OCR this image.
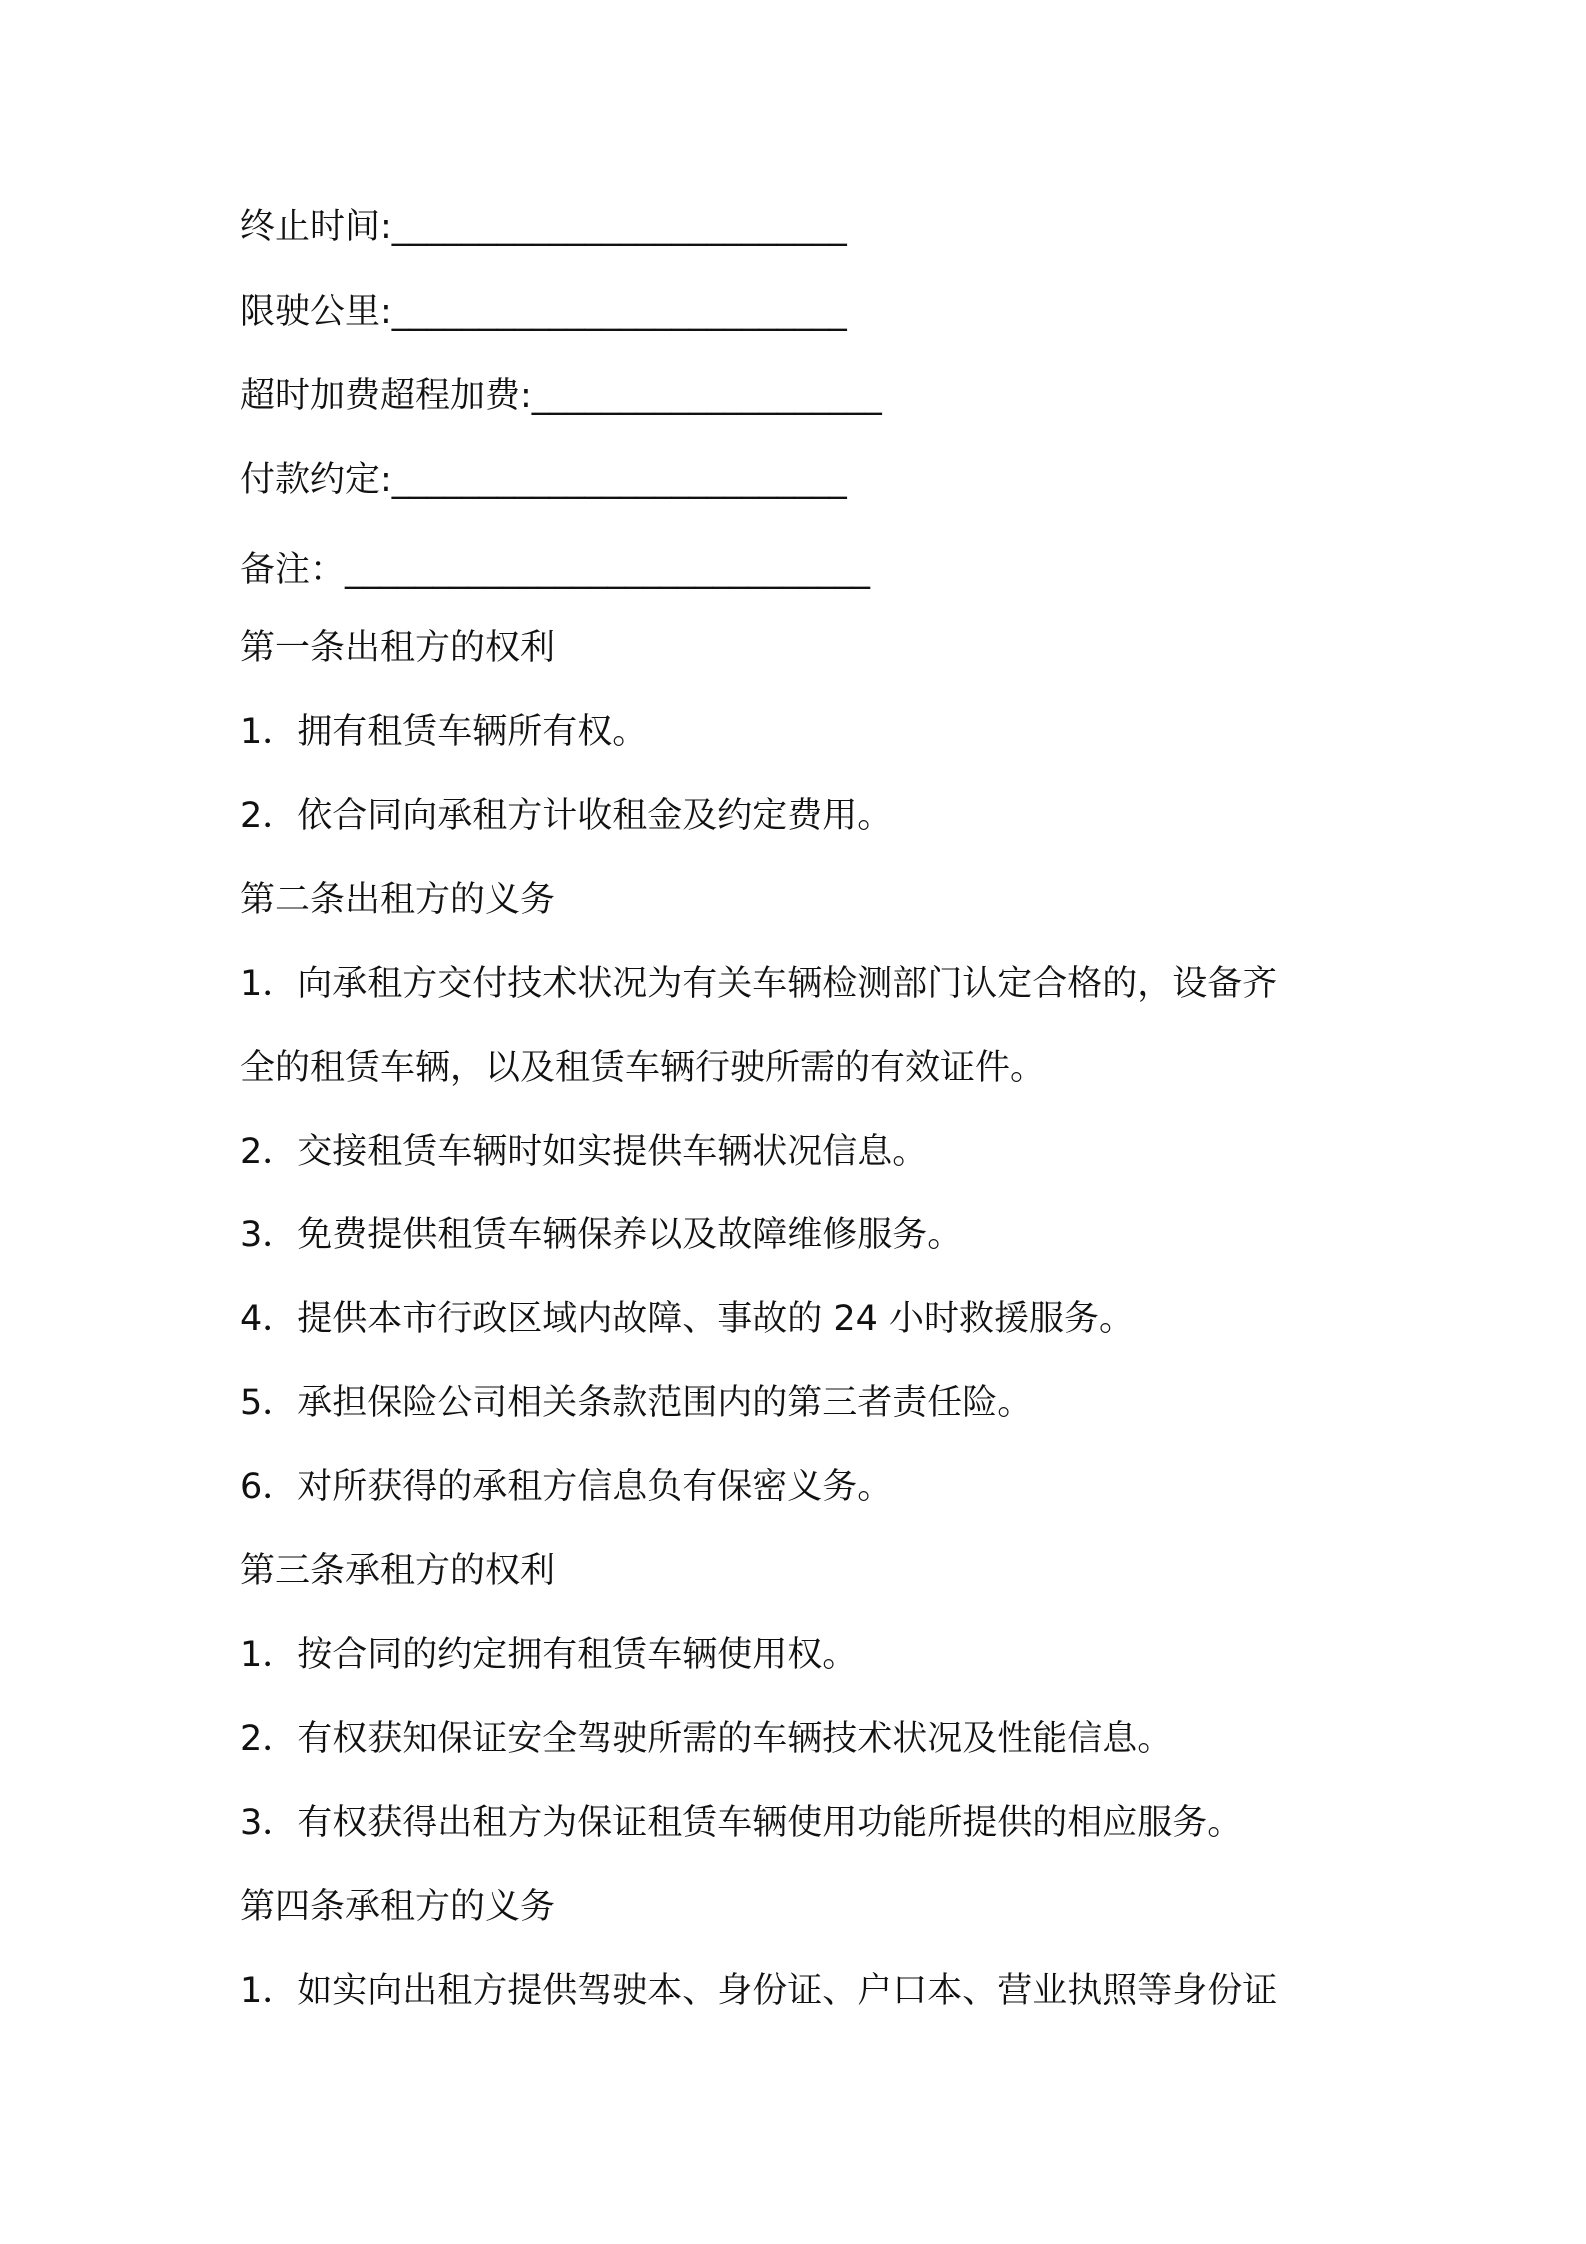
终止时间:__________________________
限驶公里:__________________________
超时加费超程加费:____________________
付款约定:__________________________
备注：______________________________
第一条出租方的权利
1．拥有租赁车辆所有权。
2．依合同向承租方计收租金及约定费用。
第二条出租方的义务
1．向承租方交付技术状况为有关车辆检测部门认定合格的，设备齐
全的租赁车辆，以及租赁车辆行驶所需的有效证件。
2．交接租赁车辆时如实提供车辆状况信息。
3．免费提供租赁车辆保养以及故障维修服务。
4．提供本市行政区域内故障、事故的 24 小时救援服务。
5．承担保险公司相关条款范围内的第三者责任险。
6．对所获得的承租方信息负有保密义务。
第三条承租方的权利
1．按合同的约定拥有租赁车辆使用权。
2．有权获知保证安全驾驶所需的车辆技术状况及性能信息。
3．有权获得出租方为保证租赁车辆使用功能所提供的相应服务。
第四条承租方的义务
1．如实向出租方提供驾驶本、身份证、户口本、营业执照等身份证
